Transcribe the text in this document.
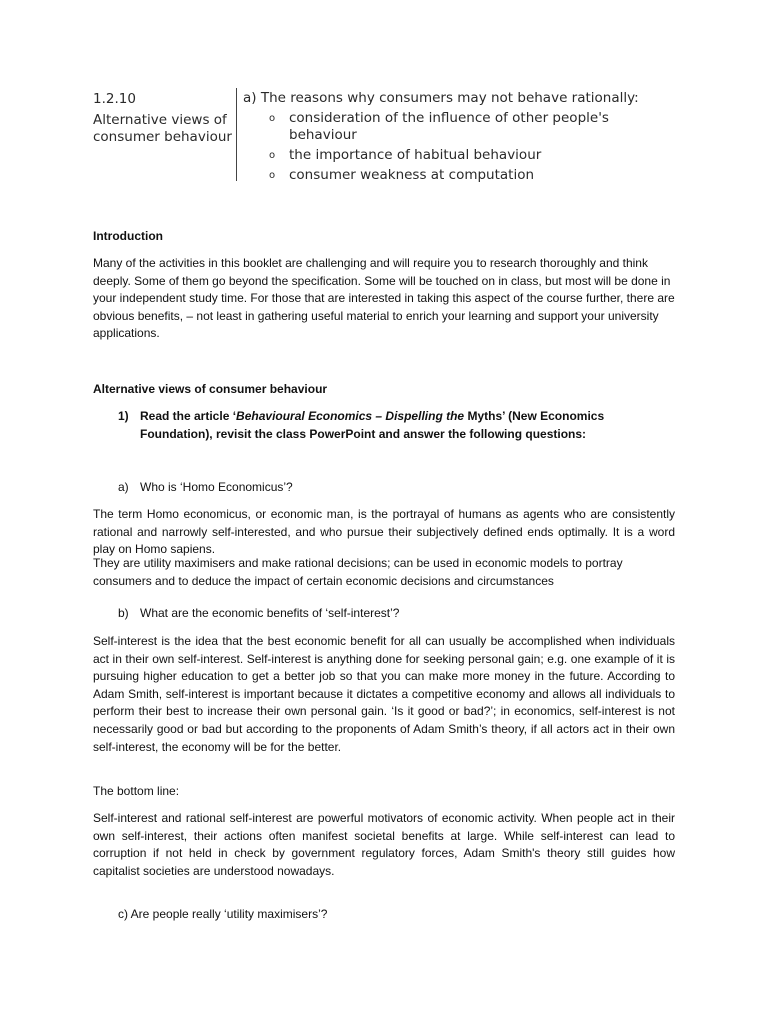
1.2.10
Alternative views of consumer behaviour
a) The reasons why consumers may not behave rationally:
o consideration of the influence of other people's behaviour
o the importance of habitual behaviour
o consumer weakness at computation
Introduction
Many of the activities in this booklet are challenging and will require you to research thoroughly and think deeply. Some of them go beyond the specification. Some will be touched on in class, but most will be done in your independent study time. For those that are interested in taking this aspect of the course further, there are obvious benefits, – not least in gathering useful material to enrich your learning and support your university applications.
Alternative views of consumer behaviour
1) Read the article ‘Behavioural Economics – Dispelling the Myths’ (New Economics Foundation), revisit the class PowerPoint and answer the following questions:
a) Who is ‘Homo Economicus’?
The term Homo economicus, or economic man, is the portrayal of humans as agents who are consistently rational and narrowly self-interested, and who pursue their subjectively defined ends optimally. It is a word play on Homo sapiens.
They are utility maximisers and make rational decisions; can be used in economic models to portray consumers and to deduce the impact of certain economic decisions and circumstances
b) What are the economic benefits of ‘self-interest’?
Self-interest is the idea that the best economic benefit for all can usually be accomplished when individuals act in their own self-interest. Self-interest is anything done for seeking personal gain; e.g. one example of it is pursuing higher education to get a better job so that you can make more money in the future. According to Adam Smith, self-interest is important because it dictates a competitive economy and allows all individuals to perform their best to increase their own personal gain. ‘Is it good or bad?’; in economics, self-interest is not necessarily good or bad but according to the proponents of Adam Smith’s theory, if all actors act in their own self-interest, the economy will be for the better.
The bottom line:
Self-interest and rational self-interest are powerful motivators of economic activity. When people act in their own self-interest, their actions often manifest societal benefits at large. While self-interest can lead to corruption if not held in check by government regulatory forces, Adam Smith's theory still guides how capitalist societies are understood nowadays.
c) Are people really ‘utility maximisers’?
